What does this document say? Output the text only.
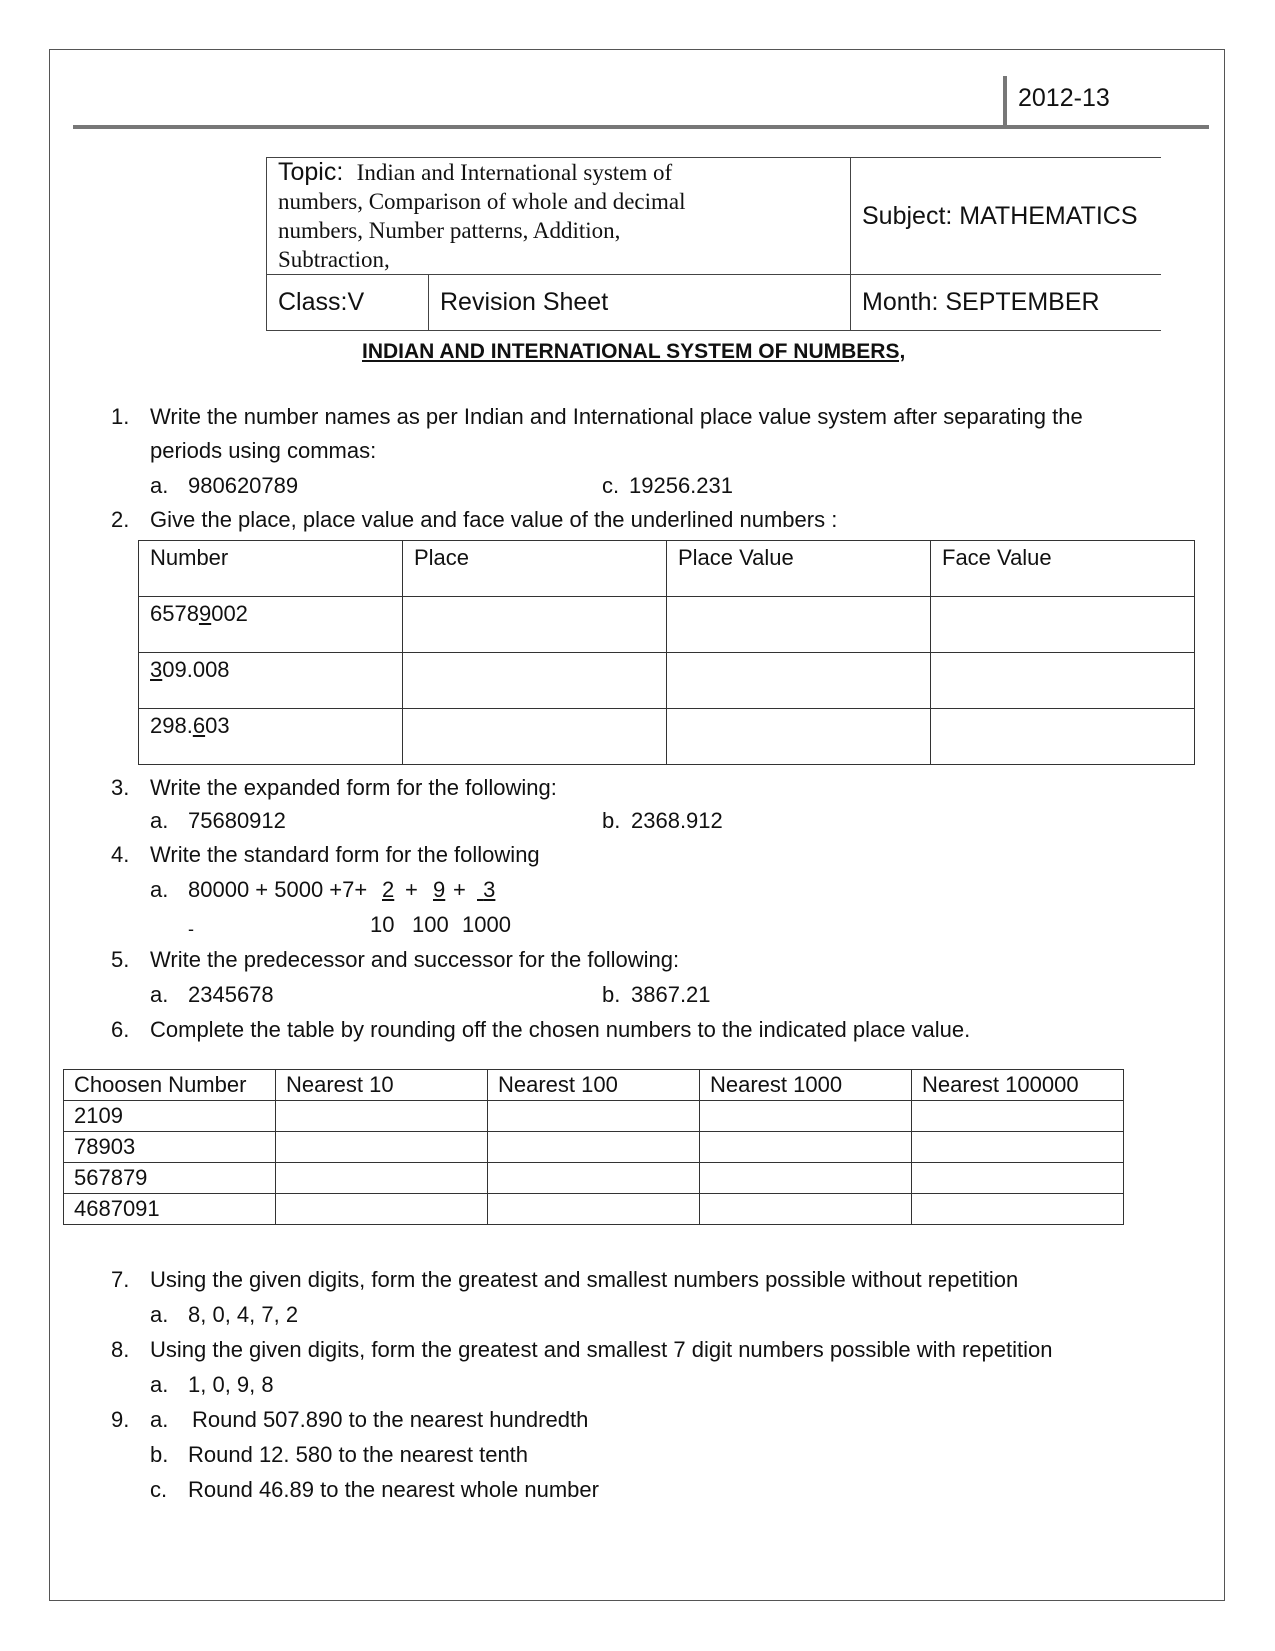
2012-13
Topic: Indian and International system of numbers, Comparison of whole and decimal numbers, Number patterns, Addition, Subtraction,		Subject: MATHEMATICS
Class:V	Revision Sheet	Month: SEPTEMBER
INDIAN AND INTERNATIONAL SYSTEM OF NUMBERS,
1. Write the number names as per Indian and International place value system after separating the
periods using commas:
a. 980620789	c. 19256.231
2. Give the place, place value and face value of the underlined numbers :
Number	Place	Place Value	Face Value
65789002			
309.008			
298.603			
3. Write the expanded form for the following:
a. 75680912	b. 2368.912
4. Write the standard form for the following
a. 80000 + 5000 +7+ 2 + 9 + 3
10 100 1000
-
5. Write the predecessor and successor for the following:
a. 2345678	b. 3867.21
6. Complete the table by rounding off the chosen numbers to the indicated place value.
Choosen Number	Nearest 10	Nearest 100	Nearest 1000	Nearest 100000
2109				
78903				
567879				
4687091				
7. Using the given digits, form the greatest and smallest numbers possible without repetition
a. 8, 0, 4, 7, 2
8. Using the given digits, form the greatest and smallest 7 digit numbers possible with repetition
a. 1, 0, 9, 8
9. a. Round 507.890 to the nearest hundredth
b. Round 12. 580 to the nearest tenth
c. Round 46.89 to the nearest whole number
